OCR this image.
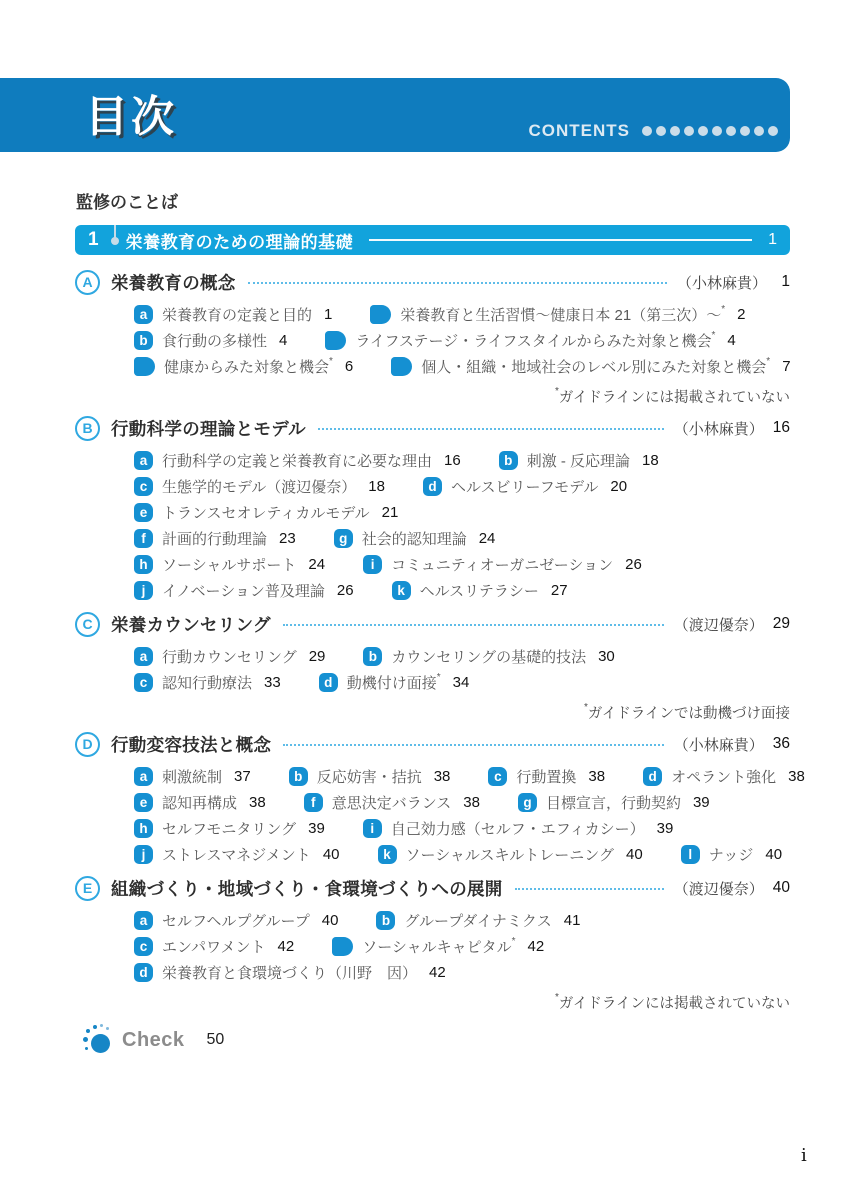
目次	CONTENTS
監修のことば
1 栄養教育のための理論的基礎	1
A	栄養教育の概念	（小林麻貴） 1
a 栄養教育の定義と目的 1	栄養教育と生活習慣〜健康日本 21（第三次）〜* 2
b 食行動の多様性 4	ライフステージ・ライフスタイルからみた対象と機会* 4
健康からみた対象と機会* 6	個人・組織・地域社会のレベル別にみた対象と機会* 7
*ガイドラインには掲載されていない
B	行動科学の理論とモデル	（小林麻貴） 16
a 行動科学の定義と栄養教育に必要な理由 16	b 刺激 - 反応理論 18
c 生態学的モデル（渡辺優奈） 18	d ヘルスビリーフモデル 20
e トランスセオレティカルモデル 21
f	計画的行動理論 23	g 社会的認知理論 24
h ソーシャルサポート 24	i	コミュニティオーガニゼーション 26
j	イノベーション普及理論 26	k ヘルスリテラシー 27
C	栄養カウンセリング	（渡辺優奈） 29
a 行動カウンセリング 29	b カウンセリングの基礎的技法 30
c 認知行動療法 33	d 動機付け面接* 34
*ガイドラインでは動機づけ面接
D	行動変容技法と概念	（小林麻貴） 36
a 刺激統制 37	b 反応妨害・拮抗 38	c 行動置換 38	d オペラント強化 38
e 認知再構成 38	f	意思決定バランス 38	g 目標宣言，行動契約 39
h セルフモニタリング 39	i	自己効力感（セルフ・エフィカシー） 39
j	ストレスマネジメント 40	k ソーシャルスキルトレーニング 40	l	ナッジ 40
E	組織づくり・地域づくり・食環境づくりへの展開	（渡辺優奈） 40
a セルフヘルプグループ 40	b グループダイナミクス 41
c エンパワメント 42	ソーシャルキャピタル* 42
d 栄養教育と食環境づくり（川野　因） 42
*ガイドラインには掲載されていない
Check 50
i
